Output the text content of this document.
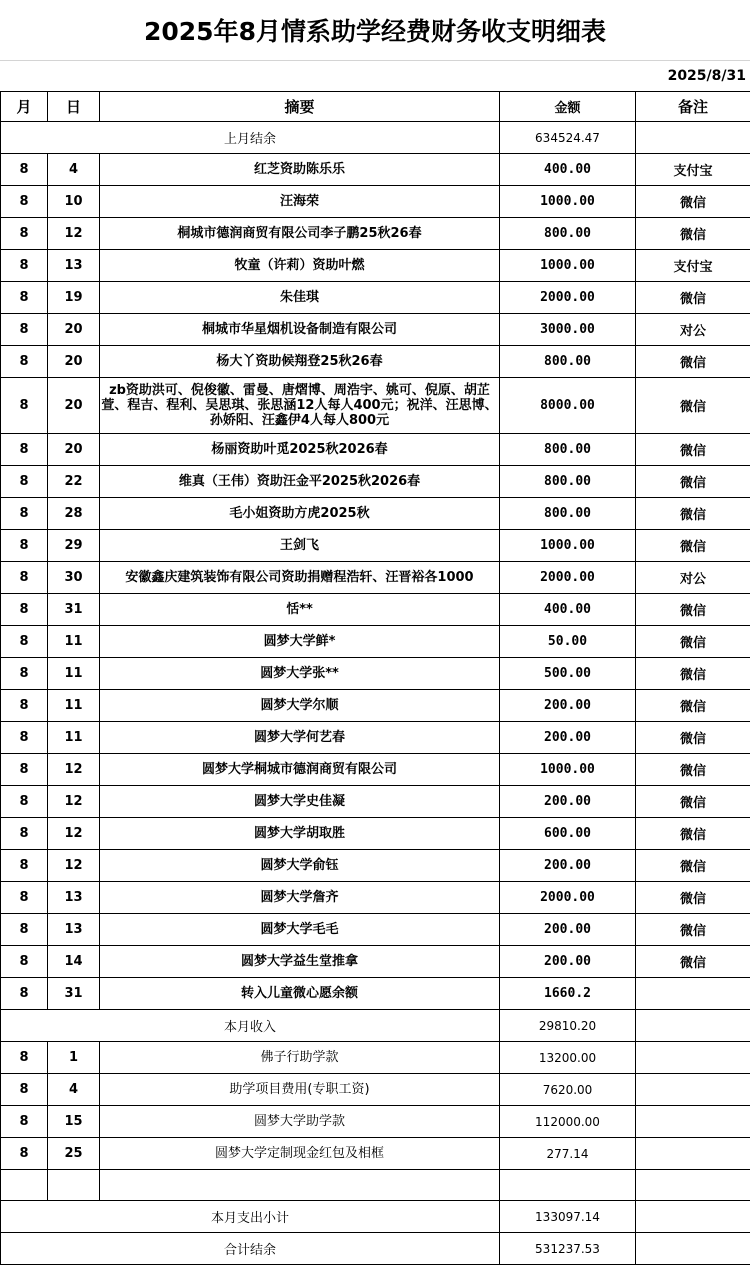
2025年8月情系助学经费财务收支明细表
2025/8/31
月	日	摘要	金额	备注
上月结余			634524.47	
8	4	红芝资助陈乐乐	400.00	支付宝
8	10	汪海荣	1000.00	微信
8	12	桐城市德润商贸有限公司李子鹏25秋26春	800.00	微信
8	13	牧童（许莉）资助叶燃	1000.00	支付宝
8	19	朱佳琪	2000.00	微信
8	20	桐城市华星烟机设备制造有限公司	3000.00	对公
8	20	杨大丫资助候翔登25秋26春	800.00	微信
8	20	zb资助洪可、倪俊徽、雷曼、唐熠博、周浩宇、姚可、倪原、胡芷萱、程吉、程利、吴思琪、张思涵12人每人400元；祝洋、汪思博、孙娇阳、汪鑫伊4人每人800元	8000.00	微信
8	20	杨丽资助叶觅2025秋2026春	800.00	微信
8	22	维真（王伟）资助汪金平2025秋2026春	800.00	微信
8	28	毛小姐资助方虎2025秋	800.00	微信
8	29	王剑飞	1000.00	微信
8	30	安徽鑫庆建筑装饰有限公司资助捐赠程浩轩、汪晋裕各1000	2000.00	对公
8	31	恬**	400.00	微信
8	11	圆梦大学鲜*	50.00	微信
8	11	圆梦大学张**	500.00	微信
8	11	圆梦大学尔顺	200.00	微信
8	11	圆梦大学何艺春	200.00	微信
8	12	圆梦大学桐城市德润商贸有限公司	1000.00	微信
8	12	圆梦大学史佳凝	200.00	微信
8	12	圆梦大学胡取胜	600.00	微信
8	12	圆梦大学俞钰	200.00	微信
8	13	圆梦大学詹齐	2000.00	微信
8	13	圆梦大学毛毛	200.00	微信
8	14	圆梦大学益生堂推拿	200.00	微信
8	31	转入儿童微心愿余额	1660.2	
本月收入			29810.20	
8	1	佛子行助学款	13200.00	
8	4	助学项目费用(专职工资)	7620.00	
8	15	圆梦大学助学款	112000.00	
8	25	圆梦大学定制现金红包及相框	277.14	

本月支出小计			133097.14	
合计结余			531237.53	
